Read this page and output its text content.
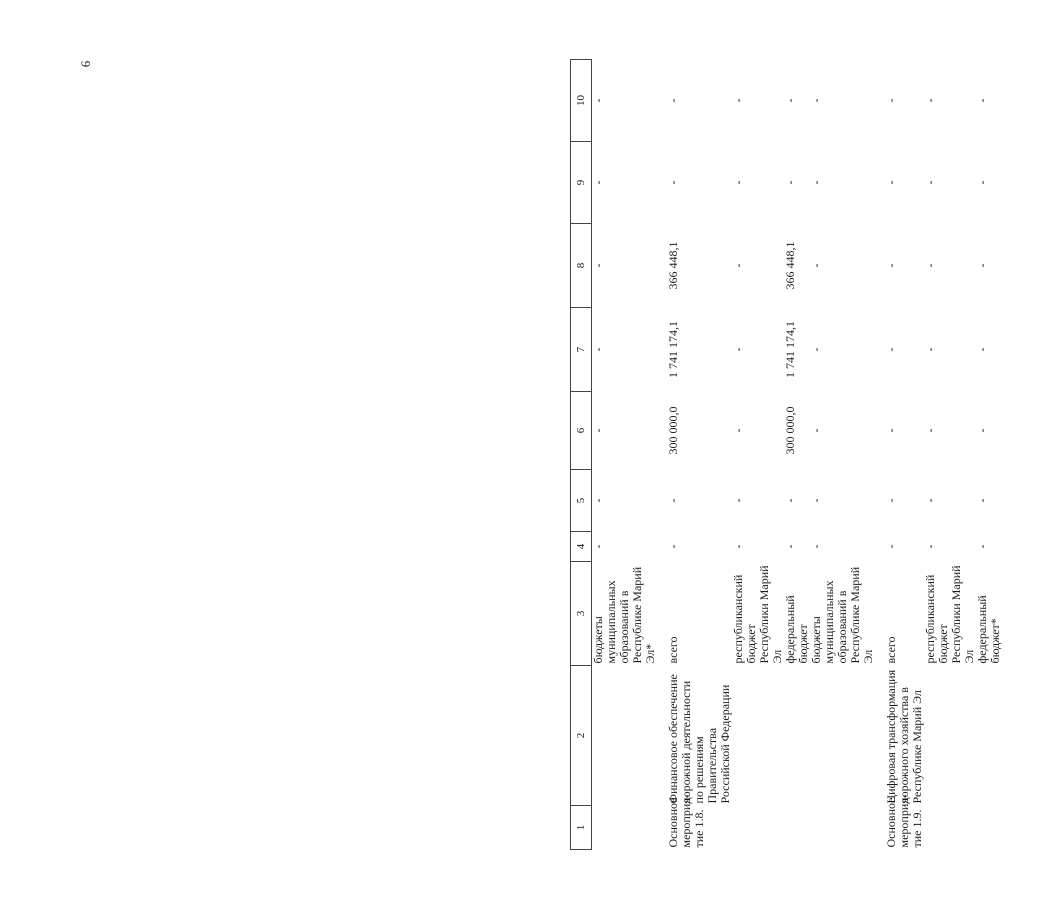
6
1	2	3	4	5	6	7	8	9	10
		бюджеты муниципальных образований в Республике Марий Эл*	-	-	-	-	-	-	-

Основное мероприя-тие 1.8.	Финансовое обеспечение дорожной деятельности по решениям Правительства Российской Федерации	всего	-	-	300 000,0	1 741 174,1	366 448,1	-	-
		республиканский бюджет Республики Марий Эл	-	-	-	-	-	-	-
		федеральный бюджет	-	-	300 000,0	1 741 174,1	366 448,1	-	-
		бюджеты муниципальных образований в Республике Марий Эл	-	-	-	-	-	-	-

Основное мероприя-тие 1.9.	Цифровая трансформация дорожного хозяйства в Республике Марий Эл	всего	-	-	-	-	-	-	-
		республиканский бюджет Республики Марий Эл	-	-	-	-	-	-	-
		федеральный бюджет*	-	-	-	-	-	-	-
